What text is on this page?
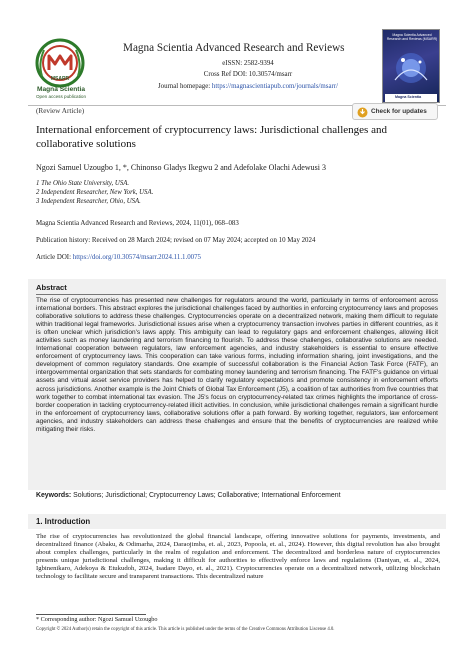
MSARR
Magna Scientia
Open access publication
Magna Scientia Advanced Research and Reviews
eISSN: 2582-9394
Cross Ref DOI: 10.30574/msarr
Journal homepage: https://magnascientiapub.com/journals/msarr/
Magna Scientia Advanced Research and Reviews (MSARR)
Magna Scientia
(Review Article)	Check for updates
International enforcement of cryptocurrency laws: Jurisdictional challenges and collaborative solutions
Ngozi Samuel Uzougbo 1, *, Chinonso Gladys Ikegwu 2 and Adefolake Olachi Adewusi 3
1 The Ohio State University, USA.
2 Independent Researcher, New York, USA.
3 Independent Researcher, Ohio, USA.
Magna Scientia Advanced Research and Reviews, 2024, 11(01), 068–083
Publication history: Received on 28 March 2024; revised on 07 May 2024; accepted on 10 May 2024
Article DOI: https://doi.org/10.30574/msarr.2024.11.1.0075
Abstract
The rise of cryptocurrencies has presented new challenges for regulators around the world, particularly in terms of enforcement across international borders. This abstract explores the jurisdictional challenges faced by authorities in enforcing cryptocurrency laws and proposes collaborative solutions to address these challenges. Cryptocurrencies operate on a decentralized network, making them difficult to regulate within traditional legal frameworks. Jurisdictional issues arise when a cryptocurrency transaction involves parties in different countries, as it is often unclear which jurisdiction's laws apply. This ambiguity can lead to regulatory gaps and enforcement challenges, allowing illicit activities such as money laundering and terrorism financing to flourish. To address these challenges, collaborative solutions are needed. International cooperation between regulators, law enforcement agencies, and industry stakeholders is essential to ensure effective enforcement of cryptocurrency laws. This cooperation can take various forms, including information sharing, joint investigations, and the development of common regulatory standards. One example of successful collaboration is the Financial Action Task Force (FATF), an intergovernmental organization that sets standards for combating money laundering and terrorism financing. The FATF's guidance on virtual assets and virtual asset service providers has helped to clarify regulatory expectations and promote consistency in enforcement efforts across jurisdictions. Another example is the Joint Chiefs of Global Tax Enforcement (J5), a coalition of tax authorities from five countries that work together to combat international tax evasion. The J5's focus on cryptocurrency-related tax crimes highlights the importance of cross-border cooperation in tackling cryptocurrency-related illicit activities. In conclusion, while jurisdictional challenges remain a significant hurdle in the enforcement of cryptocurrency laws, collaborative solutions offer a path forward. By working together, regulators, law enforcement agencies, and industry stakeholders can address these challenges and ensure that the benefits of cryptocurrencies are realized while mitigating their risks.
Keywords: Solutions; Jurisdictional; Cryptocurrency Laws; Collaborative; International Enforcement
1. Introduction
The rise of cryptocurrencies has revolutionized the global financial landscape, offering innovative solutions for payments, investments, and decentralized finance (Abaku, & Odimarha, 2024, Daraojimba, et. al., 2023, Popoola, et. al., 2024). However, this digital revolution has also brought about complex challenges, particularly in the realm of regulation and enforcement. The decentralized and borderless nature of cryptocurrencies presents unique jurisdictional challenges, making it difficult for authorities to effectively enforce laws and regulations (Daniyan, et. al., 2024, Igbinenikaro, Adekoya & Etukudoh, 2024, Isadare Dayo, et. al., 2021). Cryptocurrencies operate on a decentralized network, utilizing blockchain technology to facilitate secure and transparent transactions. This decentralized nature
* Corresponding author: Ngozi Samuel Uzougbo
Copyright © 2024 Author(s) retain the copyright of this article. This article is published under the terms of the Creative Commons Attribution Liscense 4.0.
